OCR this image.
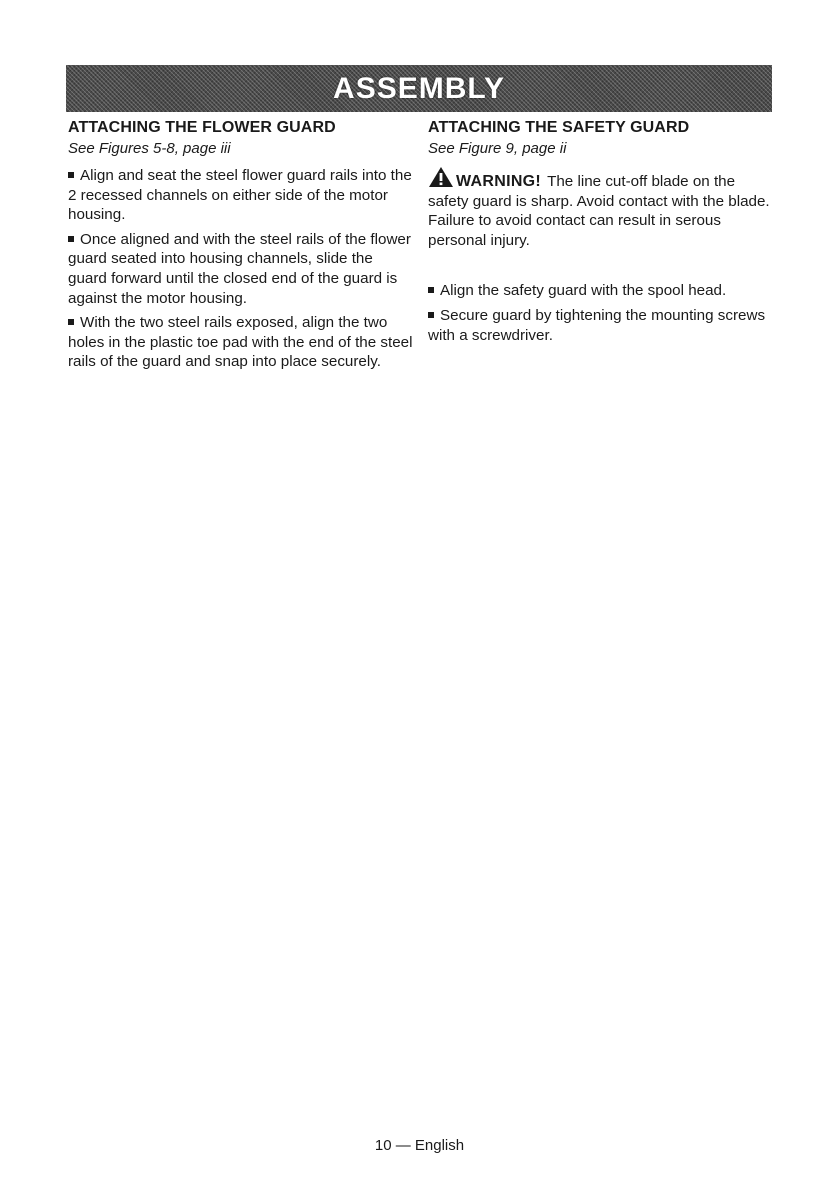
ASSEMBLY

ATTACHING THE FLOWER GUARD

See Figures 5-8, page iii

Align and seat the steel flower guard rails into the 2 recessed channels on either side of the motor housing.

Once aligned and with the steel rails of the flower guard seated into housing channels, slide the guard forward until the closed end of the guard is against the motor housing.

With the two steel rails exposed, align the two holes in the plastic toe pad with the end of the steel rails of the guard and snap into place securely.

ATTACHING THE SAFETY GUARD

See Figure 9, page ii

WARNING! The line cut-off blade on the safety guard is sharp. Avoid contact with the blade. Failure to avoid contact can result in serous personal injury.

Align the safety guard with the spool head.

Secure guard by tightening the mounting screws with a screwdriver.

10 — English
